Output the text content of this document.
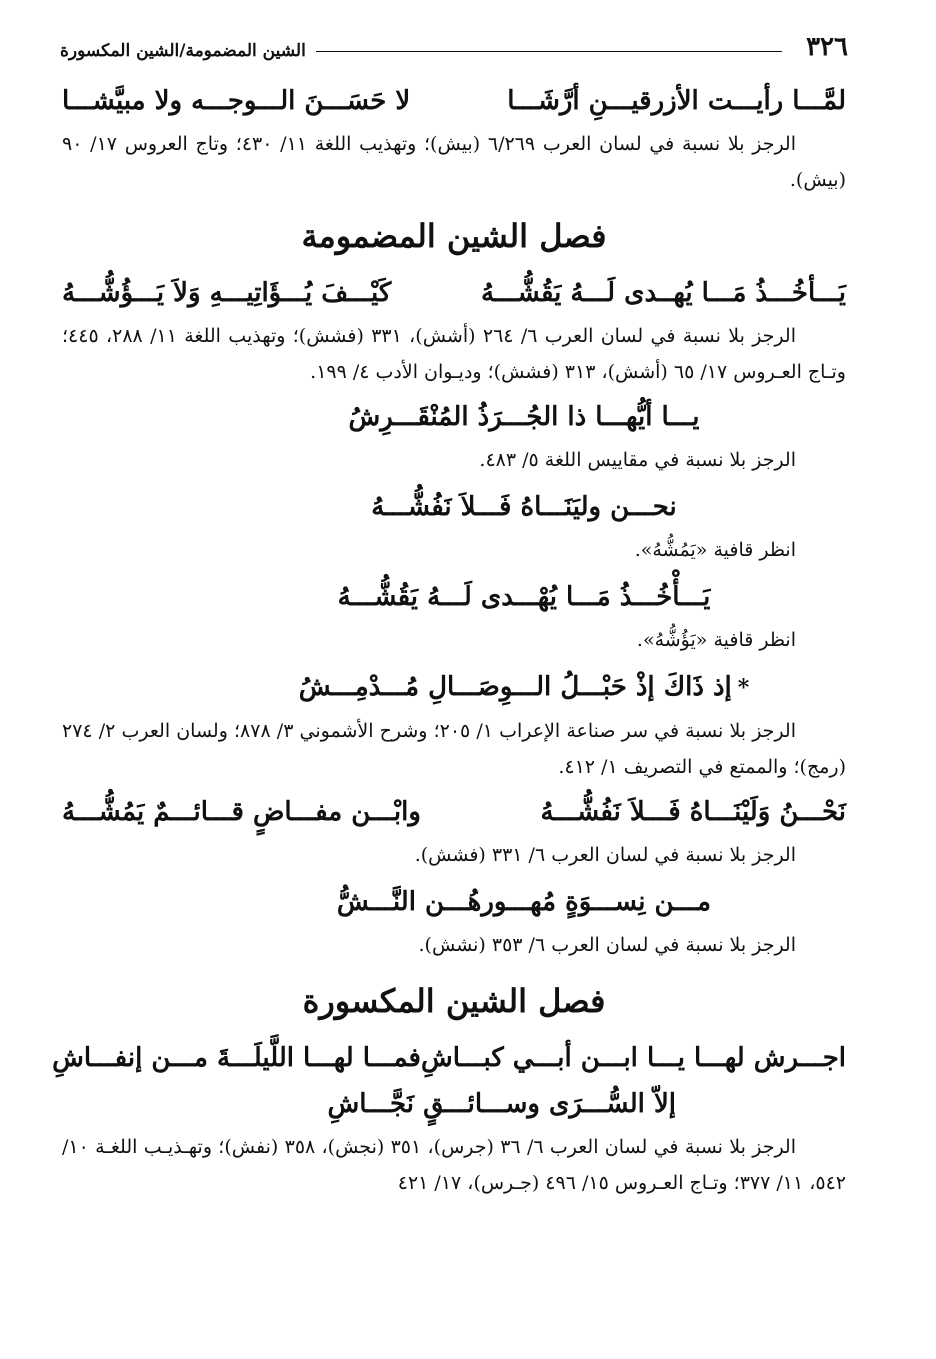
٣٢٦
الشين المضمومة/الشين المكسورة
لمَّـــا رأيـــت الأزرقيـــنِ أرَّشَـــا
لا حَسَـــنَ الـــوجـــه ولا مبيَّشـــا

الرجز بلا نسبة في لسان العرب ٦/٢٦٩ (بيش)؛ وتهذيب اللغة ١١/ ٤٣٠؛ وتاج العروس ١٧/ ٩٠ (بيش).

فصل الشين المضمومة
يَـــأخُـــذُ مَـــا يُهــدى لَـــهُ يَقُشُّـــهُ
كَيْـــفَ يُـــؤَاتِيـــهِ وَلاَ يَـــؤُشُّـــهُ

الرجز بلا نسبة في لسان العرب ٦/ ٢٦٤ (أشش)، ٣٣١ (فشش)؛ وتهذيب اللغة ١١/ ٢٨٨، ٤٤٥؛ وتـاج العـروس ١٧/ ٦٥ (أشش)، ٣١٣ (فشش)؛ وديـوان الأدب ٤/ ١٩٩.

يـــا أيُّهـــا ذا الجُـــرَذُ المُنْقَـــرِشُ

الرجز بلا نسبة في مقاييس اللغة ٥/ ٤٨٣.

نحـــن وليَنَـــاهُ فَـــلاَ نَفُشُّـــهُ

انظر قافية «يَمُشُّهُ».

يَـــأْخُـــذُ مَـــا يُهْـــدى لَـــهُ يَقُشُّـــهُ

انظر قافية «يَؤُشُّهُ».

*إذ ذَاكَ إذْ حَبْـــلُ الـــوِصَـــالِ مُـــدْمِـــشُ

الرجز بلا نسبة في سر صناعة الإعراب ١/ ٢٠٥؛ وشرح الأشموني ٣/ ٨٧٨؛ ولسان العرب ٢/ ٢٧٤ (رمج)؛ والممتع في التصريف ١/ ٤١٢.

نَحْـــنُ وَلَيْنَـــاهُ فَـــلاَ نَفُشُّـــهُ
وابْـــن مفـــاضٍ قـــائـــمٌ يَمُشُّـــهُ

الرجز بلا نسبة في لسان العرب ٦/ ٣٣١ (فشش).

مـــن نِســـوَةٍ مُهـــورهُـــن النَّـــشُّ

الرجز بلا نسبة في لسان العرب ٦/ ٣٥٣ (نشش).

فصل الشين المكسورة
اجـــرش لهـــا يـــا ابـــن أبـــي كبـــاشِ
فمـــا لهـــا اللَّيلَـــةَ مـــن إنفـــاشِ
إلاّ السُّـــرَى وســـائـــقٍ نَجَّـــاشِ

الرجز بلا نسبة في لسان العرب ٦/ ٣٦ (جرس)، ٣٥١ (نجش)، ٣٥٨ (نفش)؛ وتهـذيـب اللغـة ١٠/ ٥٤٢، ١١/ ٣٧٧؛ وتـاج العـروس ١٥/ ٤٩٦ (جـرس)، ١٧/ ٤٢١
